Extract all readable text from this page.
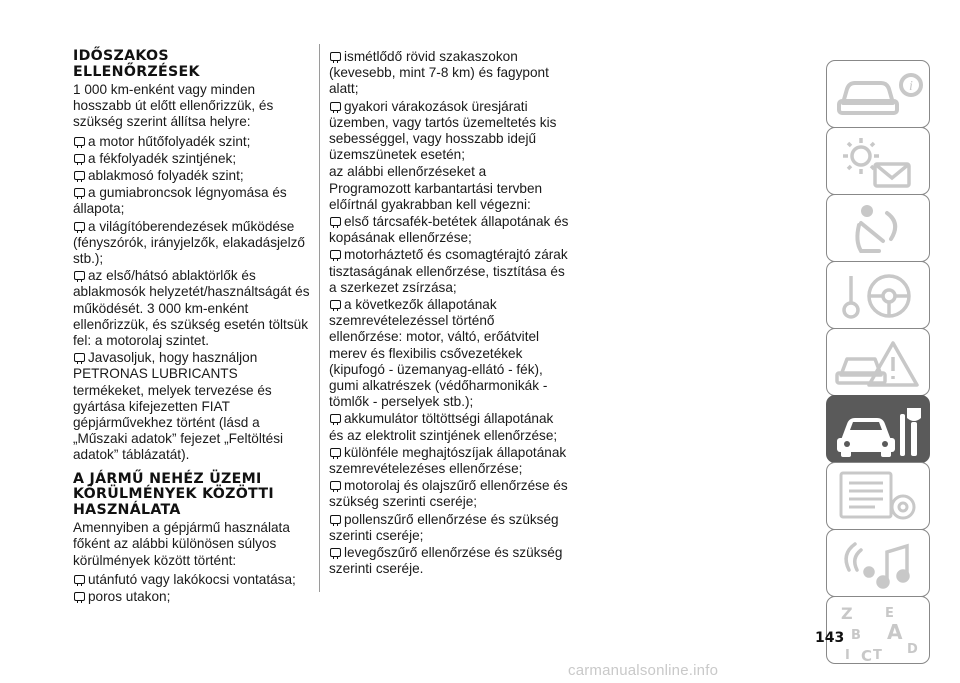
IDŐSZAKOS
ELLENŐRZÉSEK
1 000 km-enként vagy minden hosszabb út előtt ellenőrizzük, és szükség szerint állítsa helyre:
a motor hűtőfolyadék szint;
a fékfolyadék szintjének;
ablakmosó folyadék szint;
a gumiabroncsok légnyomása és állapota;
a világítóberendezések működése (fényszórók, irányjelzők, elakadásjelző stb.);
az első/hátsó ablaktörlők és ablakmosók helyzetét/használtságát és működését. 3 000 km-enként ellenőrizzük, és szükség esetén töltsük fel: a motorolaj szintet.
Javasoljuk, hogy használjon PETRONAS LUBRICANTS termékeket, melyek tervezése és gyártása kifejezetten FIAT gépjárművekhez történt (lásd a „Műszaki adatok” fejezet „Feltöltési adatok” táblázatát).
A JÁRMŰ NEHÉZ ÜZEMI
KÖRÜLMÉNYEK KÖZÖTTI
HASZNÁLATA
Amennyiben a gépjármű használata főként az alábbi különösen súlyos körülmények között történt:
utánfutó vagy lakókocsi vontatása;
poros utakon;
ismétlődő rövid szakaszokon (kevesebb, mint 7-8 km) és fagypont alatt;
gyakori várakozások üresjárati üzemben, vagy tartós üzemeltetés kis sebességgel, vagy hosszabb idejű üzemszünetek esetén;
az alábbi ellenőrzéseket a Programozott karbantartási tervben előírtnál gyakrabban kell végezni:
első tárcsafék-betétek állapotának és kopásának ellenőrzése;
motorháztető és csomagtérajtó zárak tisztaságának ellenőrzése, tisztítása és a szerkezet zsírzása;
a következők állapotának szemrevételezéssel történő ellenőrzése: motor, váltó, erőátvitel merev és flexibilis csővezetékek (kipufogó - üzemanyag-ellátó - fék), gumi alkatrészek (védőharmonikák - tömlők - perselyek stb.);
akkumulátor töltöttségi állapotának és az elektrolit szintjének ellenőrzése;
különféle meghajtószíjak állapotának szemrevételezéses ellenőrzése;
motorolaj és olajszűrő ellenőrzése és szükség szerinti cseréje;
pollenszűrő ellenőrzése és szükség szerinti cseréje;
levegőszűrő ellenőrzése és szükség szerinti cseréje.
i
Z E
B A
I C T D
143
carmanualsonline.info
